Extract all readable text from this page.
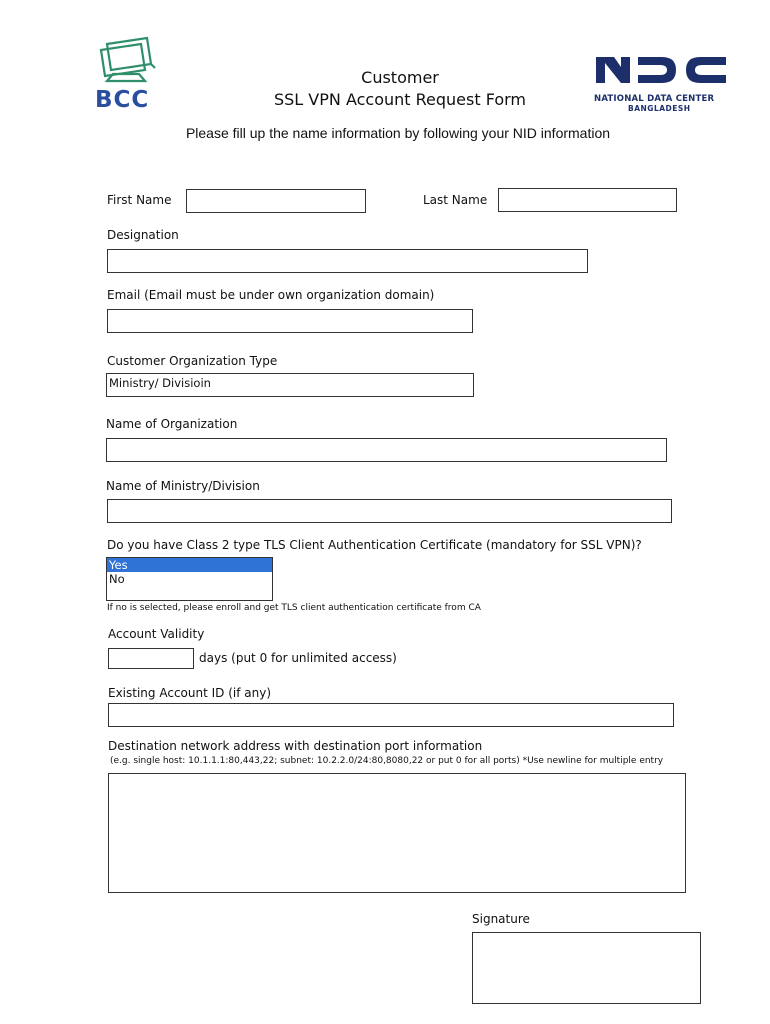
BCC
Customer
SSL VPN Account Request Form	NATIONAL DATA CENTER
BANGLADESH
Please fill up the name information by following your NID information
First Name	Last Name
Designation
Email (Email must be under own organization domain)
Customer Organization Type
Ministry/ Divisioin
Name of Organization
Name of Ministry/Division
Do you have Class 2 type TLS Client Authentication Certificate (mandatory for SSL VPN)?
Yes
No
If no is selected, please enroll and get TLS client authentication certificate from CA
Account Validity
days (put 0 for unlimited access)
Existing Account ID (if any)
Destination network address with destination port information
(e.g. single host: 10.1.1.1:80,443,22; subnet: 10.2.2.0/24:80,8080,22 or put 0 for all ports) *Use newline for multiple entry
Signature
